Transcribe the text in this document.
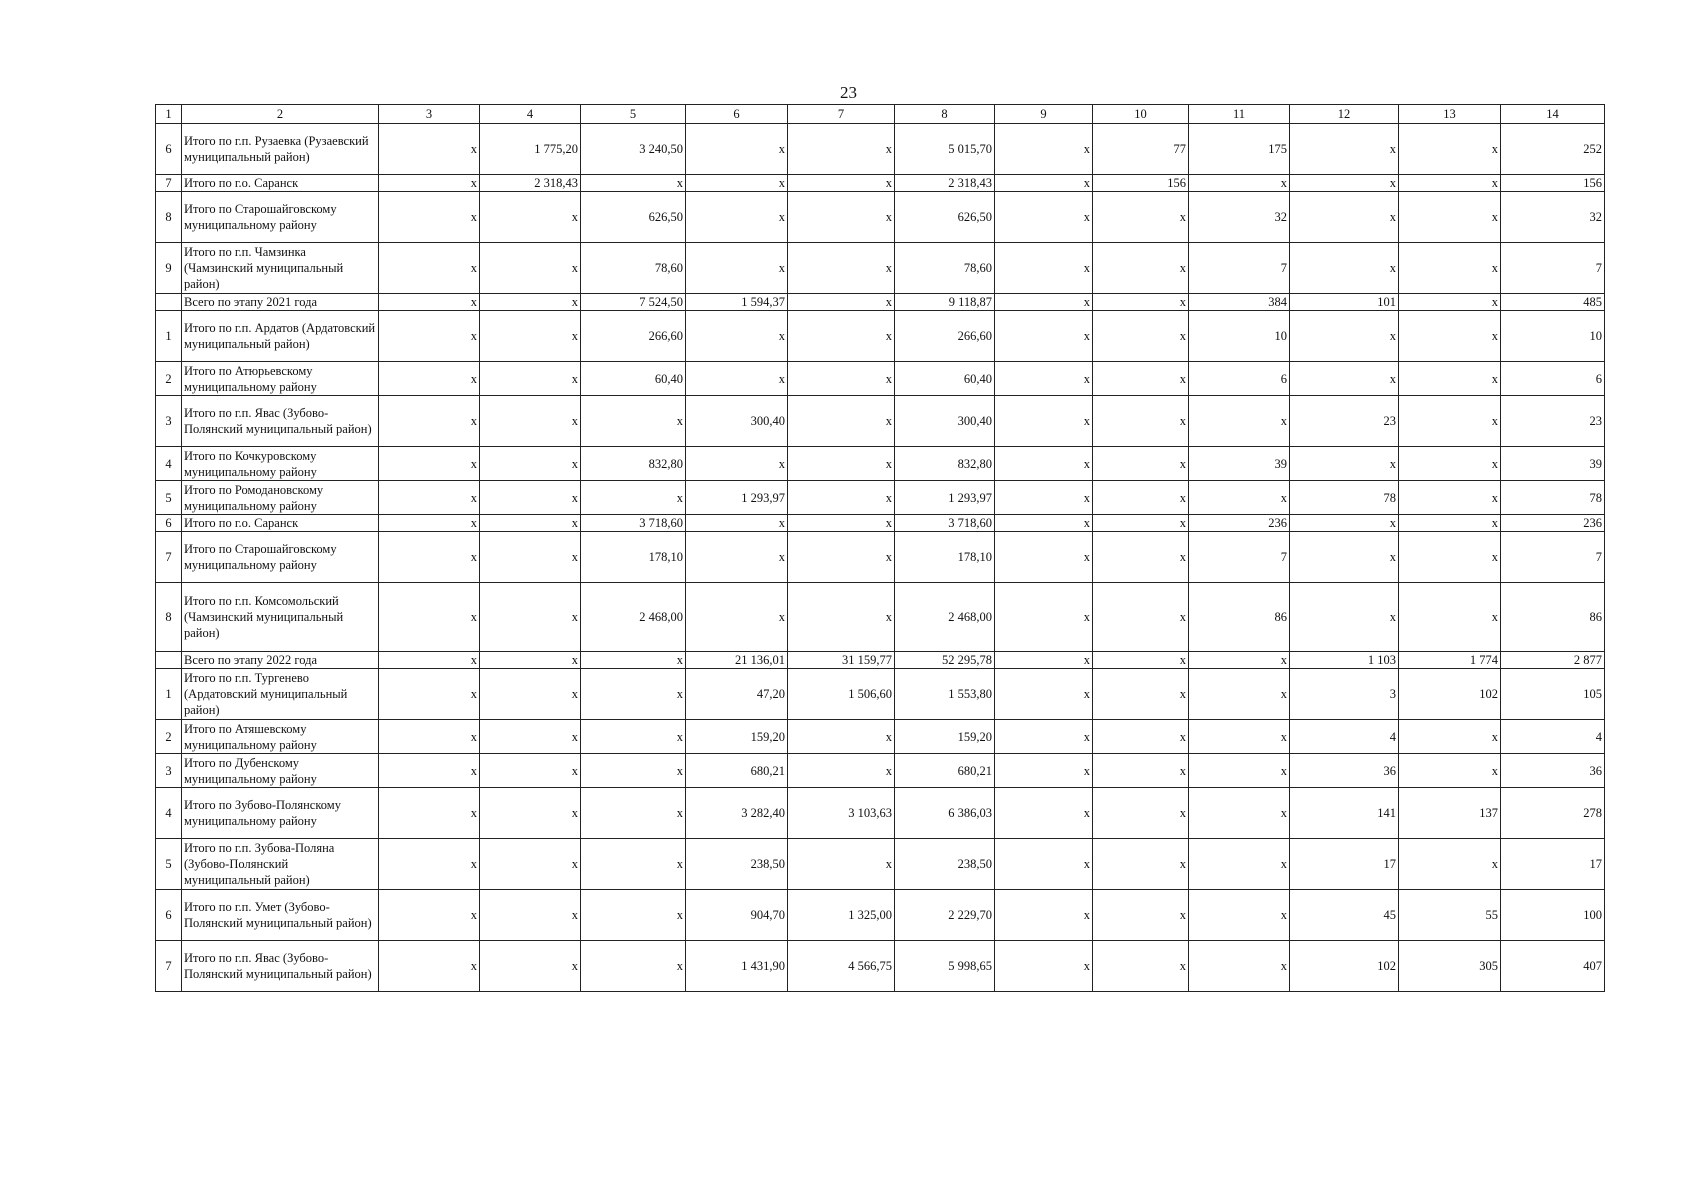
23
1	2	3	4	5	6	7	8	9	10	11	12	13	14
6	Итого по г.п. Рузаевка (Рузаевский муниципальный район)	x	1 775,20	3 240,50	x	x	5 015,70	x	77	175	x	x	252
7	Итого по г.о. Саранск	x	2 318,43	x	x	x	2 318,43	x	156	x	x	x	156
8	Итого по Старошайговскому муниципальному району	x	x	626,50	x	x	626,50	x	x	32	x	x	32
9	Итого по г.п. Чамзинка (Чамзинский муниципальный район)	x	x	78,60	x	x	78,60	x	x	7	x	x	7
	Всего по этапу 2021 года	x	x	7 524,50	1 594,37	x	9 118,87	x	x	384	101	x	485
1	Итого по г.п. Ардатов (Ардатовский муниципальный район)	x	x	266,60	x	x	266,60	x	x	10	x	x	10
2	Итого по Атюрьевскому муниципальному району	x	x	60,40	x	x	60,40	x	x	6	x	x	6
3	Итого по г.п. Явас (Зубово-Полянский муниципальный район)	x	x	x	300,40	x	300,40	x	x	x	23	x	23
4	Итого по Кочкуровскому муниципальному району	x	x	832,80	x	x	832,80	x	x	39	x	x	39
5	Итого по Ромодановскому муниципальному району	x	x	x	1 293,97	x	1 293,97	x	x	x	78	x	78
6	Итого по г.о. Саранск	x	x	3 718,60	x	x	3 718,60	x	x	236	x	x	236
7	Итого по Старошайговскому муниципальному району	x	x	178,10	x	x	178,10	x	x	7	x	x	7
8	Итого по г.п. Комсомольский (Чамзинский муниципальный район)	x	x	2 468,00	x	x	2 468,00	x	x	86	x	x	86
	Всего по этапу 2022 года	x	x	x	21 136,01	31 159,77	52 295,78	x	x	x	1 103	1 774	2 877
1	Итого по г.п. Тургенево (Ардатовский муниципальный район)	x	x	x	47,20	1 506,60	1 553,80	x	x	x	3	102	105
2	Итого по Атяшевскому муниципальному району	x	x	x	159,20	x	159,20	x	x	x	4	x	4
3	Итого по Дубенскому муниципальному району	x	x	x	680,21	x	680,21	x	x	x	36	x	36
4	Итого по Зубово-Полянскому муниципальному району	x	x	x	3 282,40	3 103,63	6 386,03	x	x	x	141	137	278
5	Итого по г.п. Зубова-Поляна (Зубово-Полянский муниципальный район)	x	x	x	238,50	x	238,50	x	x	x	17	x	17
6	Итого по г.п. Умет (Зубово-Полянский муниципальный район)	x	x	x	904,70	1 325,00	2 229,70	x	x	x	45	55	100
7	Итого по г.п. Явас (Зубово-Полянский муниципальный район)	x	x	x	1 431,90	4 566,75	5 998,65	x	x	x	102	305	407
